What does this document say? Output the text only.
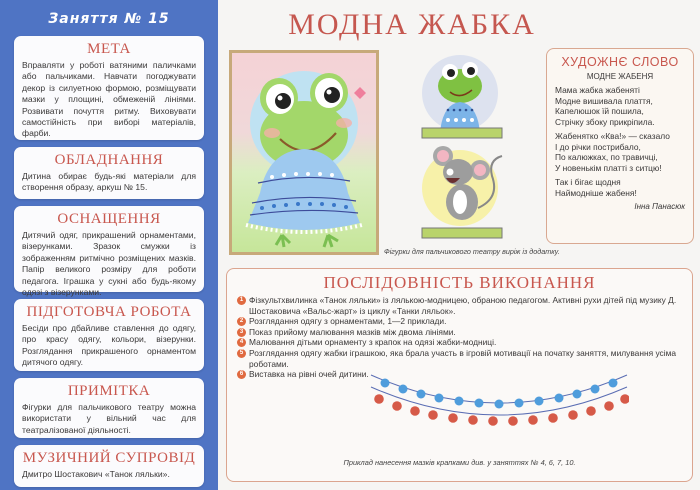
Заняття № 15
МЕТА

Вправляти у роботі ватяними паличками або пальчиками. Навчати погоджувати декор із силуетною формою, розміщувати мазки у площині, обмеженій лініями. Розвивати почуття ритму. Виховувати самостійність при виборі матеріалів, фарби.

ОБЛАДНАННЯ

Дитина обирає будь-які матеріали для створення образу, аркуш № 15.

ОСНАЩЕННЯ

Дитячий одяг, прикрашений орнаментами, візерунками. Зразок смужки із зображенням ритмічно розміщених мазків. Папір великого розміру для роботи педагога. Іграшка у сукні або будь-якому одязі з візерунками.

ПІДГОТОВЧА РОБОТА

Бесіди про дбайливе ставлення до одягу, про красу одягу, кольори, візерунки. Розглядання прикрашеного орнаментом дитячого одягу.

ПРИМІТКА

Фігурки для пальчикового театру можна використати у вільний час для театралізованої діяльності.

МУЗИЧНИЙ СУПРОВІД

Дмитро Шостакович «Танок ляльки».

МОДНА ЖАБКА
Фігурки для пальчикового театру виріж із додатку.
ХУДОЖНЄ СЛОВО
МОДНЕ ЖАБЕНЯ
Мама жабка жабеняті
Модне вишивала плаття,
Капелюшок їй пошила,
Стрічку збоку прикріпила.
Жабенятко «Ква!» — сказало
І до річки пострибало,
По калюжках, по травичці,
У новенькім платті з ситцю!
Так і бігає щодня
Наймодніше жабеня!
Інна Панасюк
ПОСЛІДОВНІСТЬ ВИКОНАННЯ
1 Фізкультхвилинка «Танок ляльки» із лялькою-модницею, обраною педагогом. Активні рухи дітей під музику Д. Шостаковича «Вальс-жарт» із циклу «Танки ляльок».
2 Розглядання одягу з орнаментами, 1—2 приклади.
3 Показ прийому малювання мазків між двома лініями.
4 Малювання дітьми орнаменту з крапок на одязі жабки-модниці.
5 Розглядання одягу жабки іграшкою, яка брала участь в ігровій мотивації на початку заняття, милування усіма роботами.
6 Виставка на рівні очей дитини.
Приклад нанесення мазків крапками див. у заняттях № 4, 6, 7, 10.
